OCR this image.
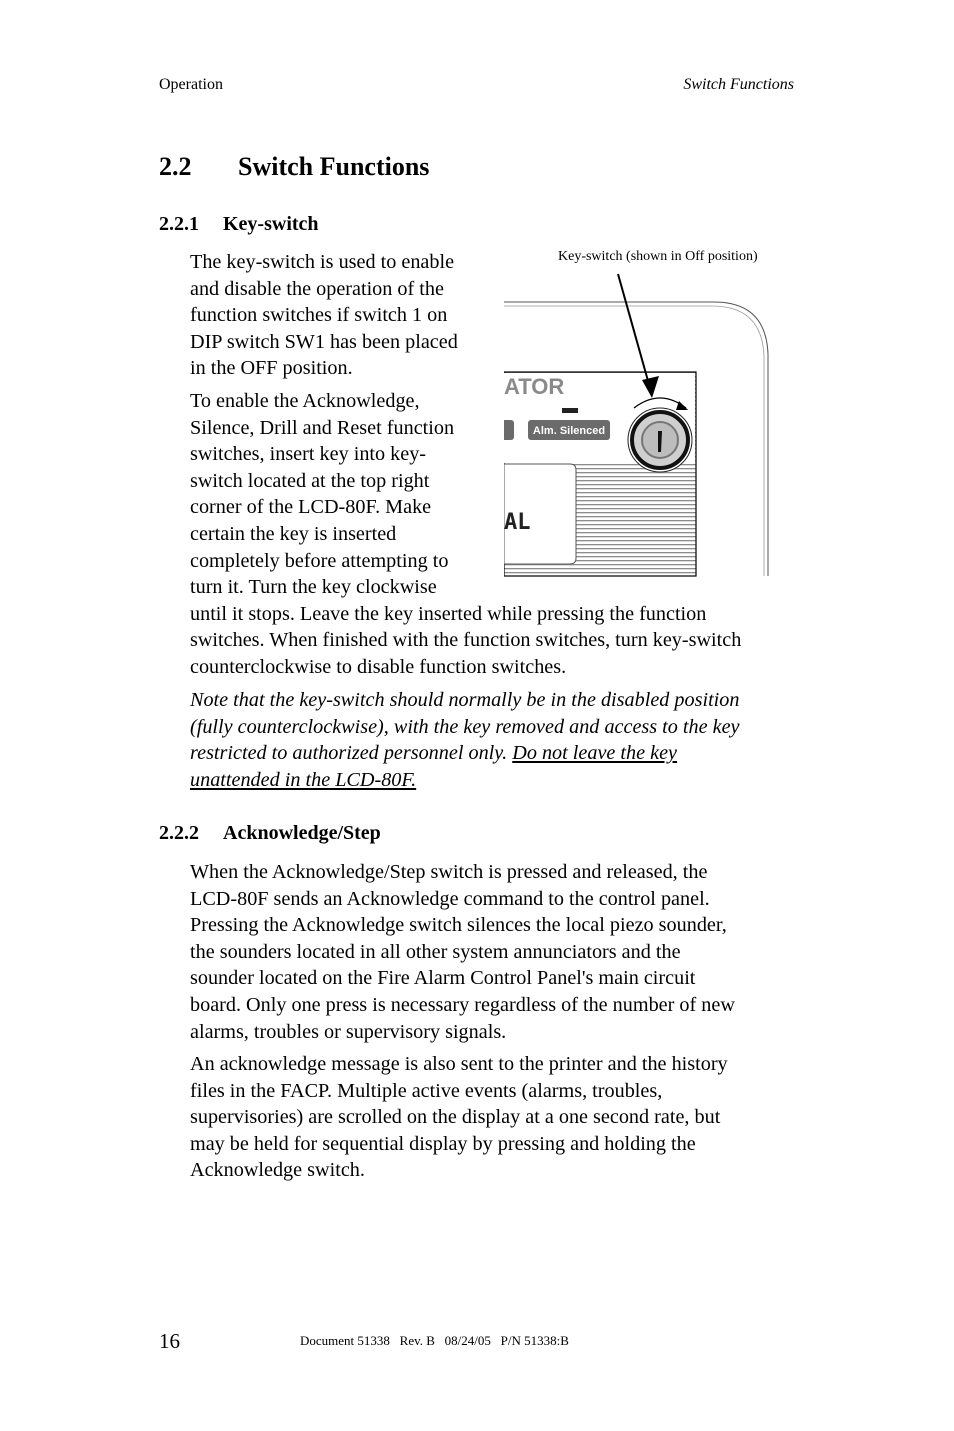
Operation	Switch Functions
2.2 Switch Functions
2.2.1 Key-switch
The key-switch is used to enable
and disable the operation of the
function switches if switch 1 on
DIP switch SW1 has been placed
in the OFF position.
To enable the Acknowledge,
Silence, Drill and Reset function
switches, insert key into key-
switch located at the top right
corner of the LCD-80F. Make
certain the key is inserted
completely before attempting to
turn it. Turn the key clockwise
until it stops. Leave the key inserted while pressing the function
switches. When finished with the function switches, turn key-switch
counterclockwise to disable function switches.
Note that the key-switch should normally be in the disabled position
(fully counterclockwise), with the key removed and access to the key
restricted to authorized personnel only. Do not leave the key
unattended in the LCD-80F.
Key-switch (shown in Off position)
ATOR
Alm. Silenced
AL
2.2.2 Acknowledge/Step
When the Acknowledge/Step switch is pressed and released, the
LCD-80F sends an Acknowledge command to the control panel.
Pressing the Acknowledge switch silences the local piezo sounder,
the sounders located in all other system annunciators and the
sounder located on the Fire Alarm Control Panel's main circuit
board. Only one press is necessary regardless of the number of new
alarms, troubles or supervisory signals.
An acknowledge message is also sent to the printer and the history
files in the FACP. Multiple active events (alarms, troubles,
supervisories) are scrolled on the display at a one second rate, but
may be held for sequential display by pressing and holding the
Acknowledge switch.
16	Document 51338   Rev. B   08/24/05   P/N 51338:B
